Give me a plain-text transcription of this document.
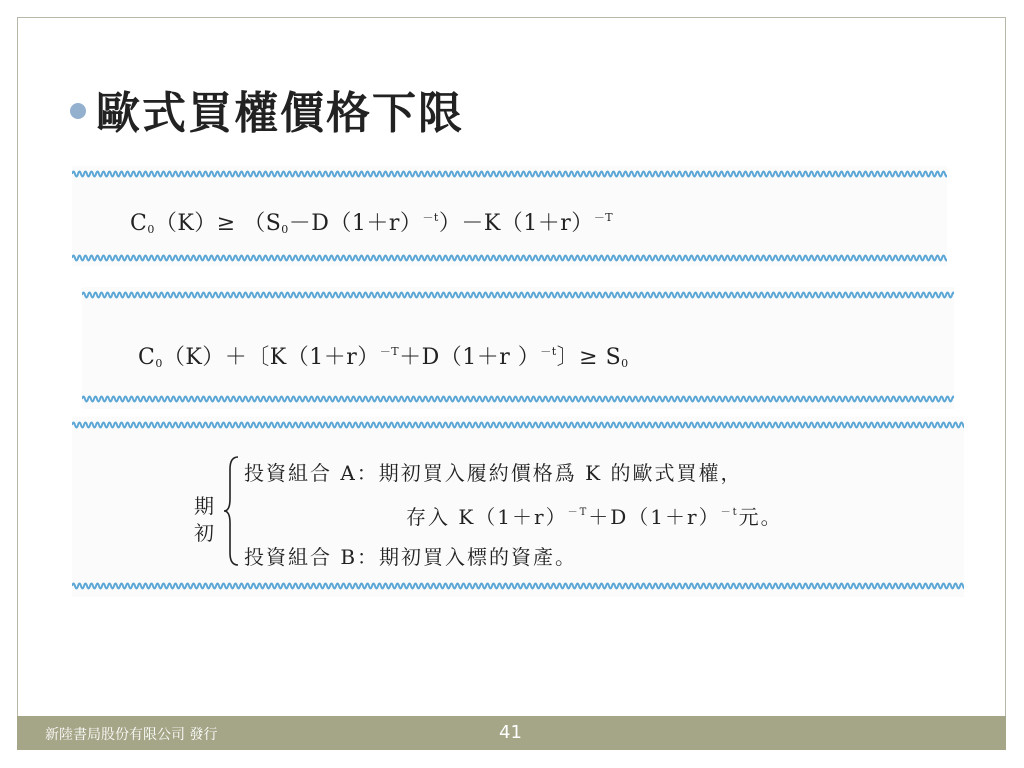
歐式買權價格下限
$C_0(K)\ge (S_0-D(1+r)^{-t})-K(1+r)^{-T}$
$C_0(K)+$〔$K(1+r)^{-T}+D(1+r$ ）$^{-t}$〕≥ $S_0$
期
初
投資組合 A：期初買入履約價格爲 K 的歐式買權，
存入 $K(1+r)^{-T}+D(1+r)^{-t}$元。
投資組合 B：期初買入標的資產。
新陸書局股份有限公司 發行	41
